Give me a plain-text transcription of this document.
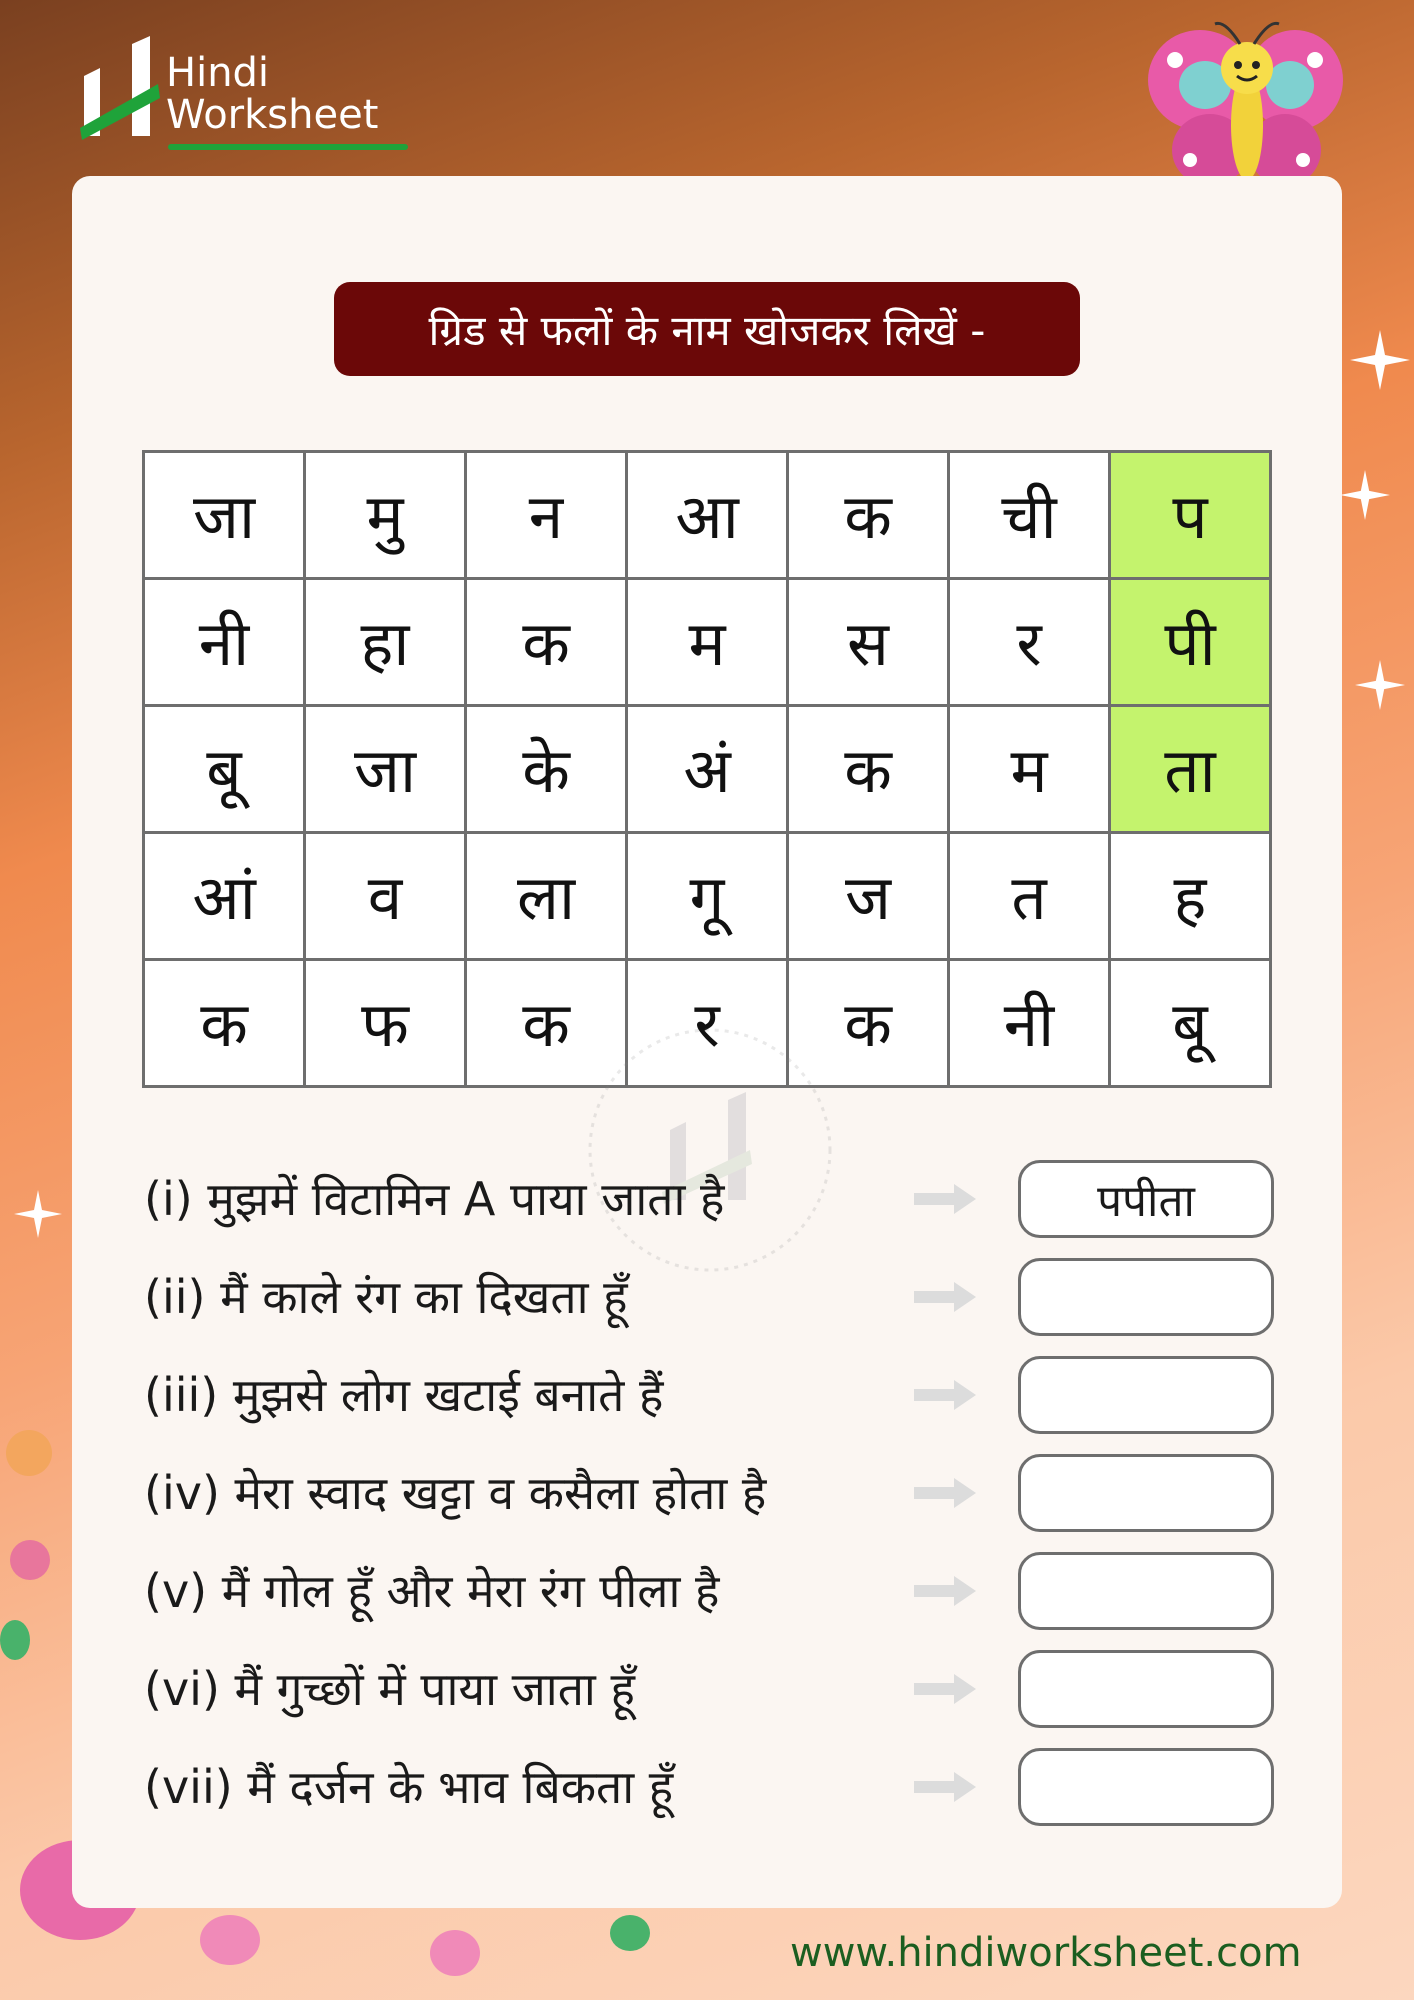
Hindi
Worksheet
ग्रिड से फलों के नाम खोजकर लिखें -
जा	मु	न	आ	क	ची	प
नी	हा	क	म	स	र	पी
बू	जा	के	अं	क	म	ता
आं	व	ला	गू	ज	त	ह
क	फ	क	र	क	नी	बू
(i) मुझमें विटामिन A पाया जाता है	पपीता
(ii) मैं काले रंग का दिखता हूँ
(iii) मुझसे लोग खटाई बनाते हैं
(iv) मेरा स्वाद खट्टा व कसैला होता है
(v) मैं गोल हूँ और मेरा रंग पीला है
(vi) मैं गुच्छों में पाया जाता हूँ
(vii) मैं दर्जन के भाव बिकता हूँ
www.hindiworksheet.com
